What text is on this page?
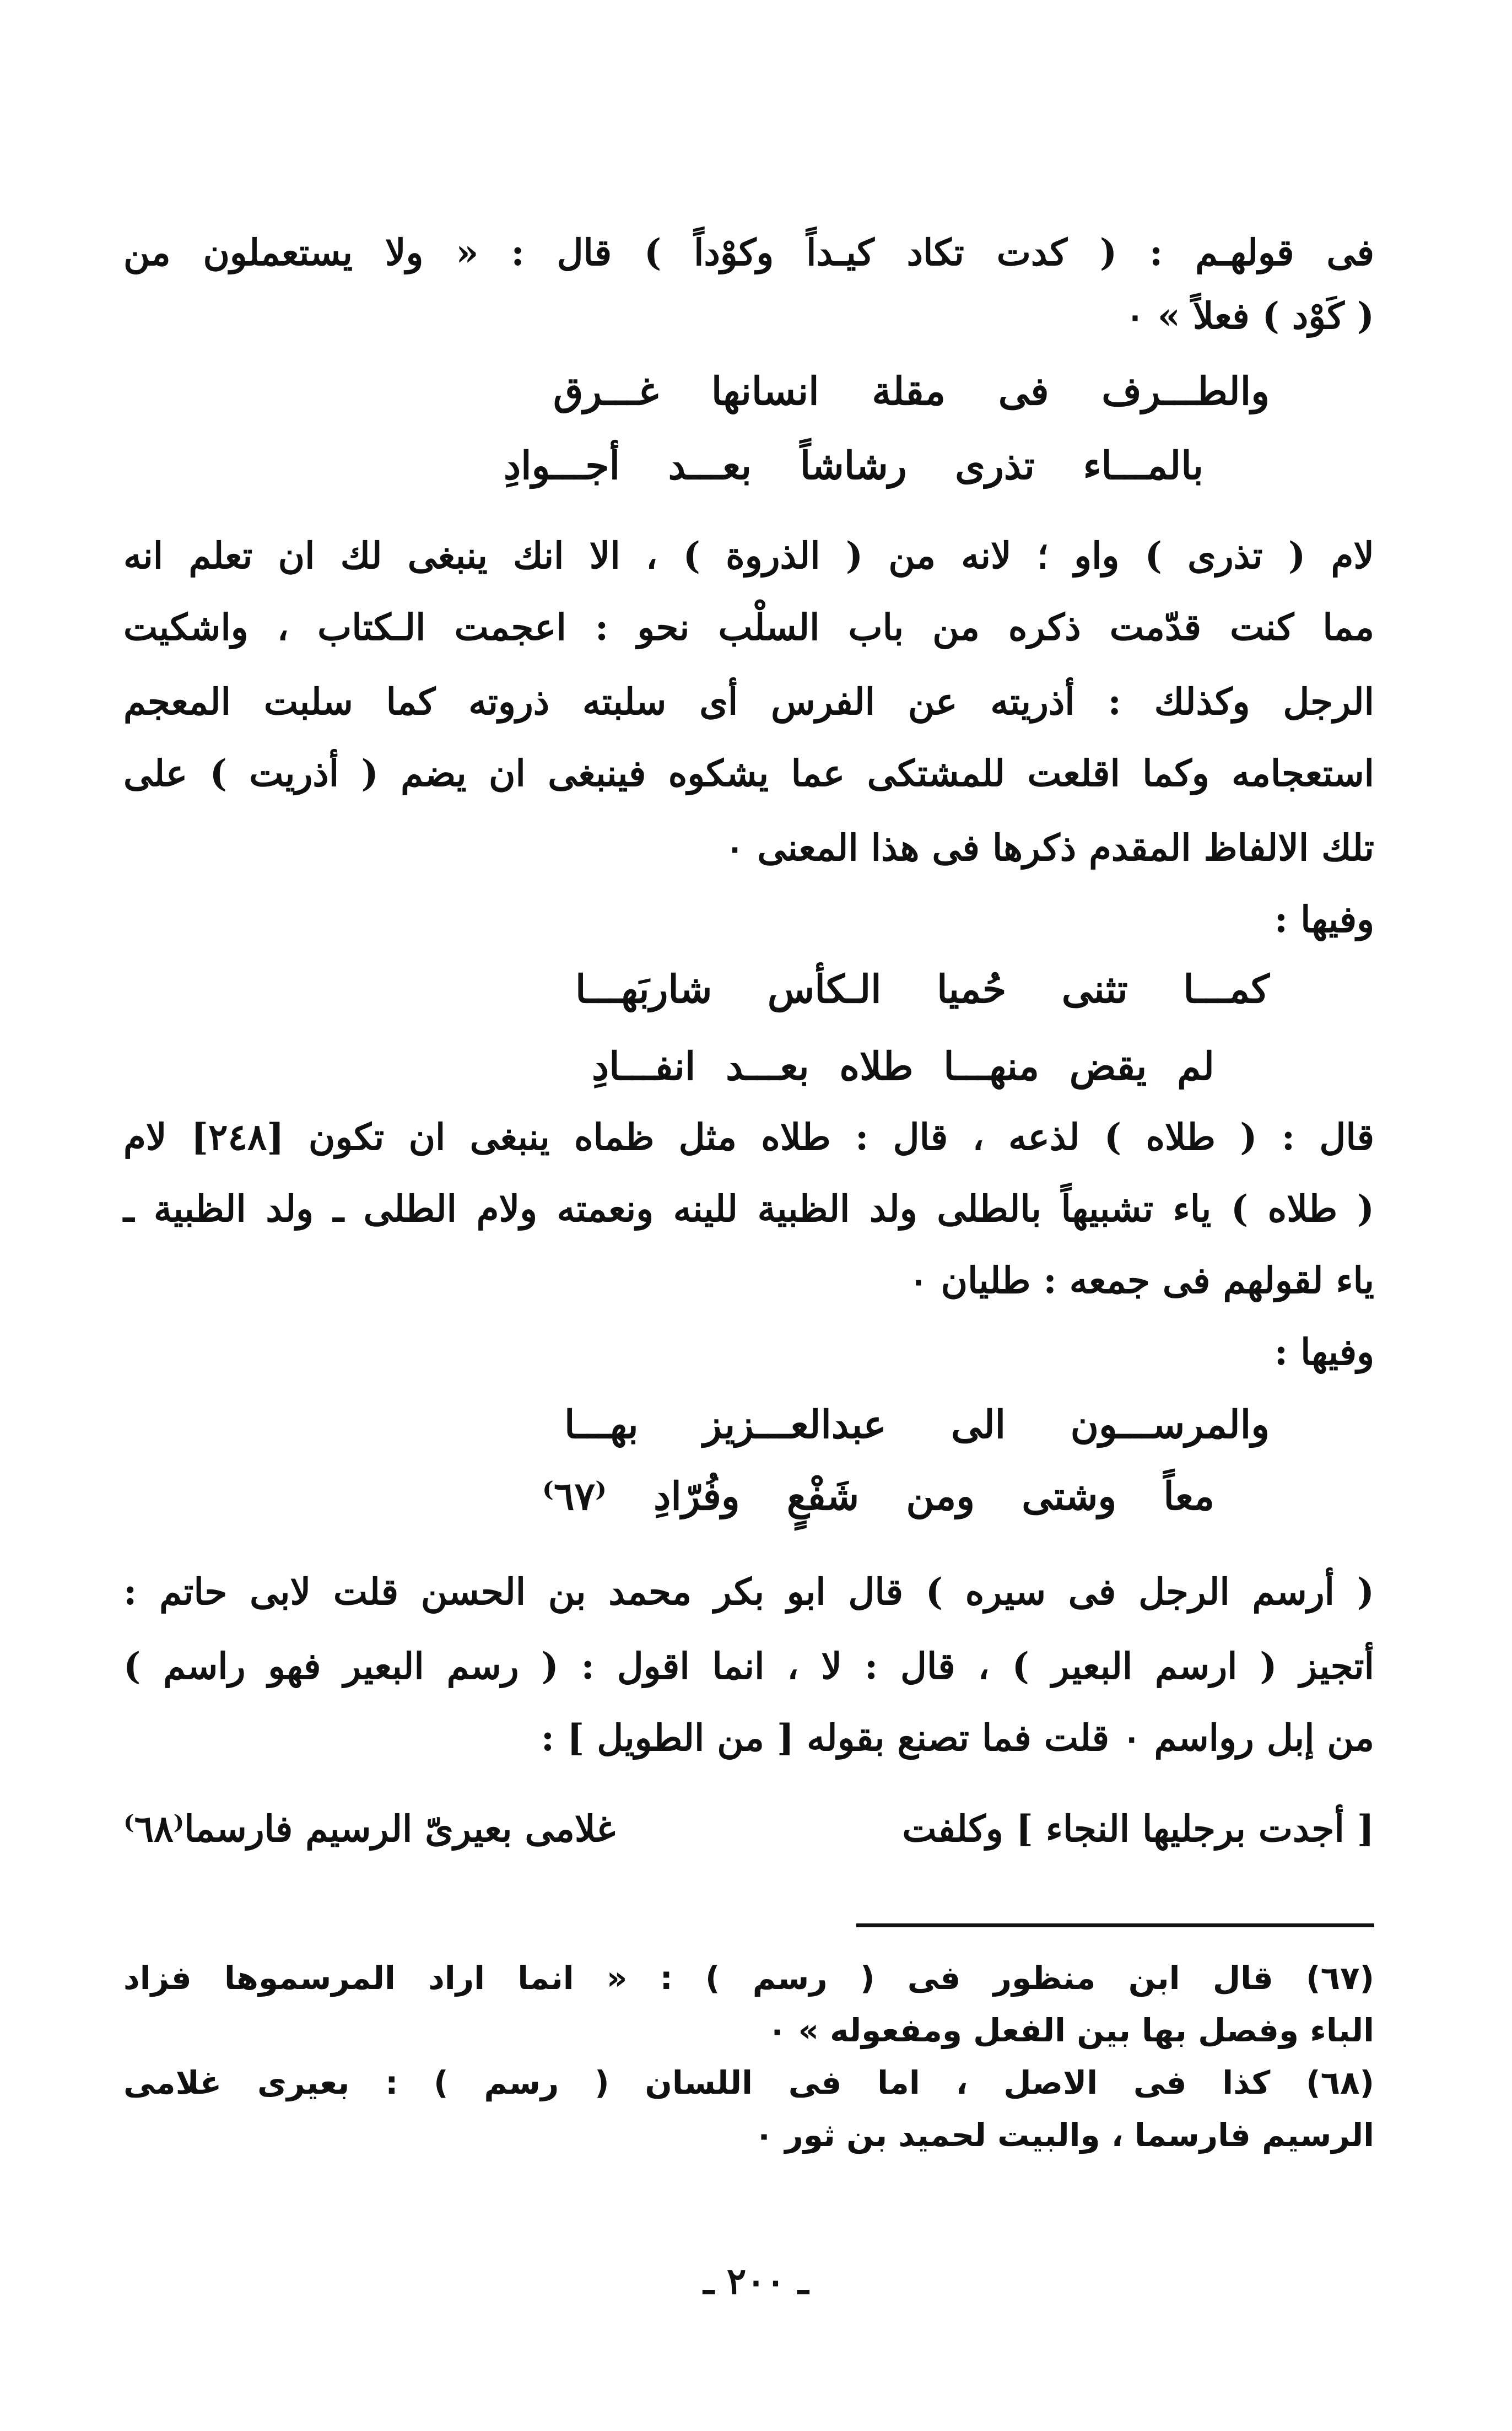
فى قولهـم : ( كدت تكاد كيـداً وكوْداً ) قال : « ولا يستعملون من
( كَوْد ) فعلاً » ٠
والطـــرف فى مقلة انسانها غـــرق
بالمـــاء تذرى رشاشاً بعـــد أجـــوادِ
لام ( تذرى ) واو ؛ لانه من ( الذروة ) ، الا انك ينبغى لك ان تعلم انه
مما كنت قدّمت ذكره من باب السلْب نحو : اعجمت الـكتاب ، واشكيت
الرجل وكذلك : أذريته عن الفرس أى سلبته ذروته كما سلبت المعجم
استعجامه وكما اقلعت للمشتكى عما يشكوه فينبغى ان يضم ( أذريت ) على
تلك الالفاظ المقدم ذكرها فى هذا المعنى ٠
وفيها :
كمـــا تثنى حُميا الـكأس شاربَهـــا
لم يقض منهـــا طلاه بعـــد انفـــادِ
قال : ( طلاه ) لذعه ، قال : طلاه مثل ظماه ينبغى ان تكون [٢٤٨] لام
( طلاه ) ياء تشبيهاً بالطلى ولد الظبية للينه ونعمته ولام الطلى ـ ولد الظبية ـ
ياء لقولهم فى جمعه : طليان ٠
وفيها :
والمرســـون الى عبدالعـــزيز بهـــا
معاً وشتى ومن شَفْعٍ وفُرّادِ ⁽٦٧⁾
( أرسم الرجل فى سيره ) قال ابو بكر محمد بن الحسن قلت لابى حاتم :
أتجيز ( ارسم البعير ) ، قال : لا ، انما اقول : ( رسم البعير فهو راسم )
من إبل رواسم ٠ قلت فما تصنع بقوله [ من الطويل ] :
[ أجدت برجليها النجاء ] وكلفت
غلامى بعيرىّ الرسيم فارسما⁽٦٨⁾
(٦٧) قال ابن منظور فى ( رسم ) : « انما اراد المرسموها فزاد
الباء وفصل بها بين الفعل ومفعوله » ٠
(٦٨) كذا فى الاصل ، اما فى اللسان ( رسم ) : بعيرى غلامى
الرسيم فارسما ، والبيت لحميد بن ثور ٠
ـ ٢٠٠ ـ
